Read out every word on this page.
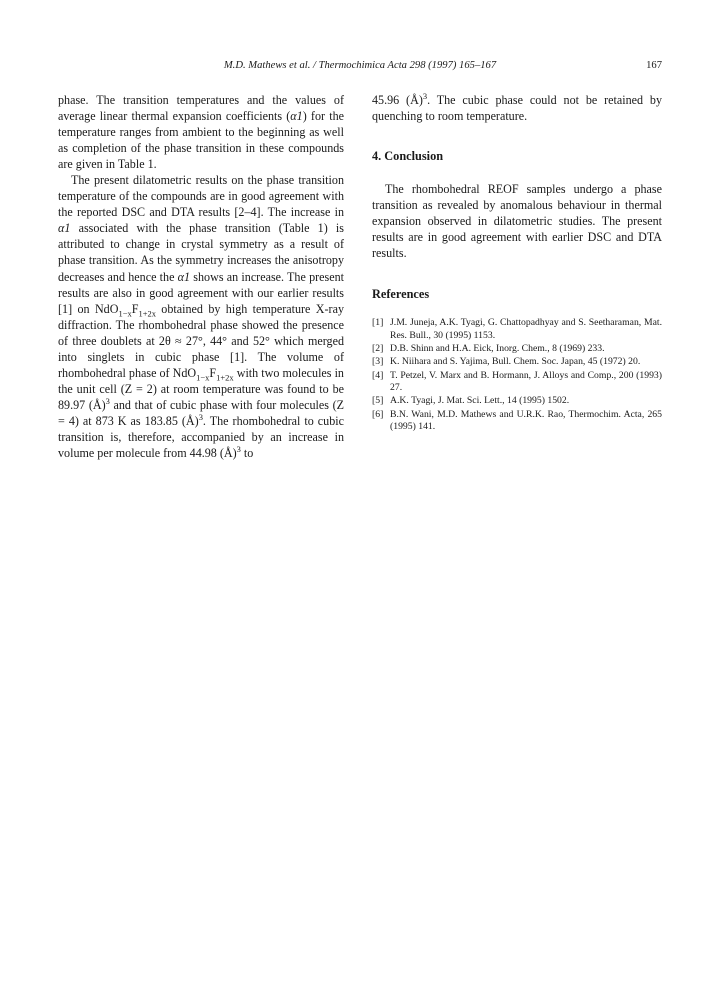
M.D. Mathews et al. / Thermochimica Acta 298 (1997) 165–167	167

phase. The transition temperatures and the values of average linear thermal expansion coefficients (α1) for the temperature ranges from ambient to the beginning as well as completion of the phase transition in these compounds are given in Table 1.

The present dilatometric results on the phase transition temperature of the compounds are in good agreement with the reported DSC and DTA results [2–4]. The increase in α1 associated with the phase transition (Table 1) is attributed to change in crystal symmetry as a result of phase transition. As the symmetry increases the anisotropy decreases and hence the α1 shows an increase. The present results are also in good agreement with our earlier results [1] on $NdO_{1-x}F_{1+2x}$ obtained by high temperature X-ray diffraction. The rhombohedral phase showed the presence of three doublets at 2θ ≈ 27°, 44° and 52° which merged into singlets in cubic phase [1]. The volume of rhombohedral phase of $NdO_{1-x}F_{1+2x}$ with two molecules in the unit cell (Z = 2) at room temperature was found to be 89.97 (Å)$^3$ and that of cubic phase with four molecules (Z = 4) at 873 K as 183.85 (Å)$^3$. The rhombohedral to cubic transition is, therefore, accompanied by an increase in volume per molecule from 44.98 (Å)$^3$ to

45.96 (Å)$^3$. The cubic phase could not be retained by quenching to room temperature.

4. Conclusion

The rhombohedral REOF samples undergo a phase transition as revealed by anomalous behaviour in thermal expansion observed in dilatometric studies. The present results are in good agreement with earlier DSC and DTA results.

References
[1] J.M. Juneja, A.K. Tyagi, G. Chattopadhyay and S. Seetharaman, Mat. Res. Bull., 30 (1995) 1153.
[2] D.B. Shinn and H.A. Eick, Inorg. Chem., 8 (1969) 233.
[3] K. Niihara and S. Yajima, Bull. Chem. Soc. Japan, 45 (1972) 20.
[4] T. Petzel, V. Marx and B. Hormann, J. Alloys and Comp., 200 (1993) 27.
[5] A.K. Tyagi, J. Mat. Sci. Lett., 14 (1995) 1502.
[6] B.N. Wani, M.D. Mathews and U.R.K. Rao, Thermochim. Acta, 265 (1995) 141.
